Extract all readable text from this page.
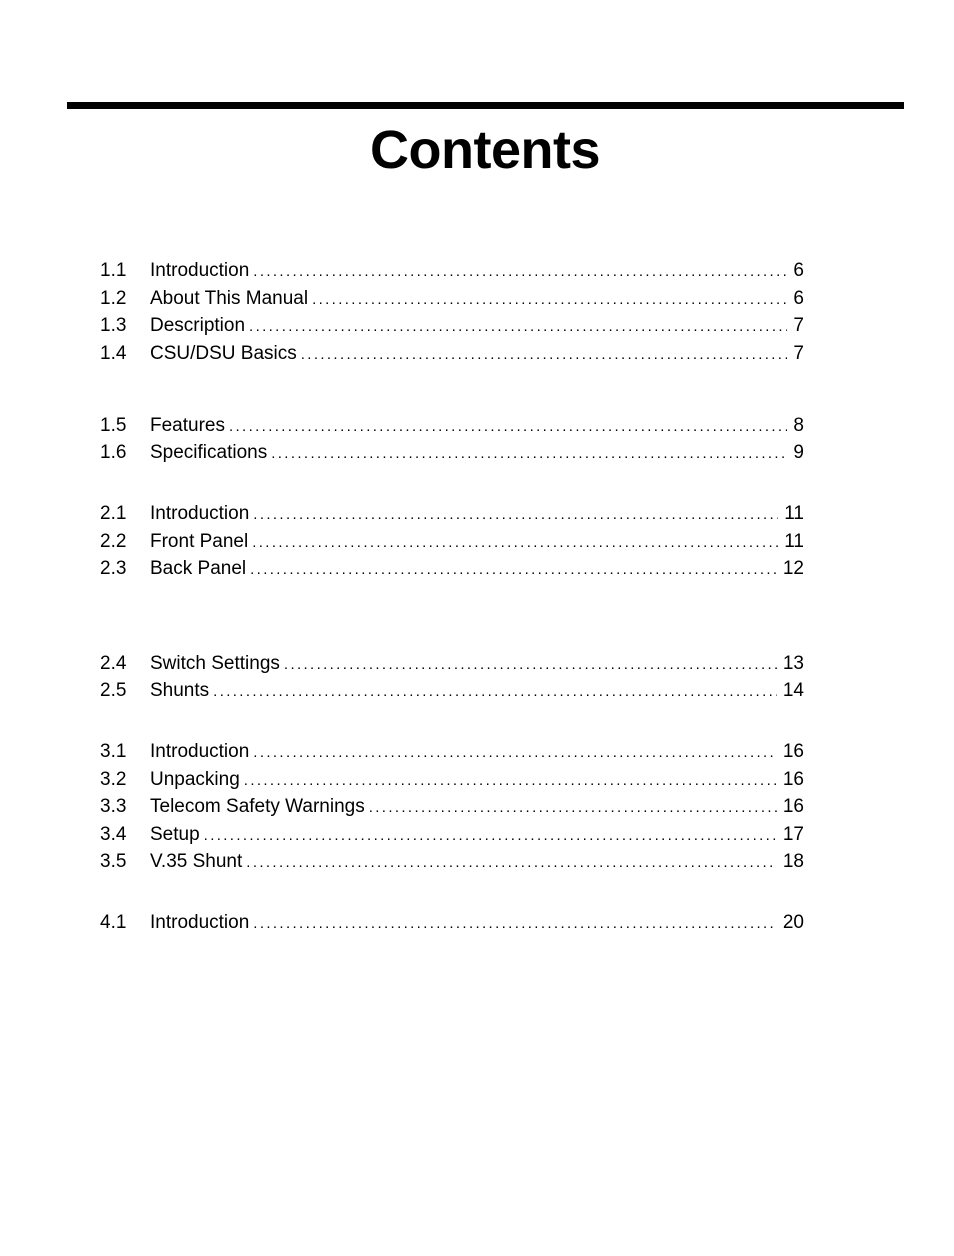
Contents
1.1	Introduction . . .	6
1.2	About This Manual . . .	6
1.3	Description . . .	7
1.4	CSU/DSU Basics . . .	7
1.5	Features . . .	8
1.6	Specifications . . .	9
2.1	Introduction . . .	11
2.2	Front Panel . . .	11
2.3	Back Panel . . .	12
2.4	Switch Settings . . .	13
2.5	Shunts . . .	14
3.1	Introduction . . .	16
3.2	Unpacking . . .	16
3.3	Telecom Safety Warnings . . .	16
3.4	Setup . . .	17
3.5	V.35 Shunt . . .	18
4.1	Introduction . . .	20
